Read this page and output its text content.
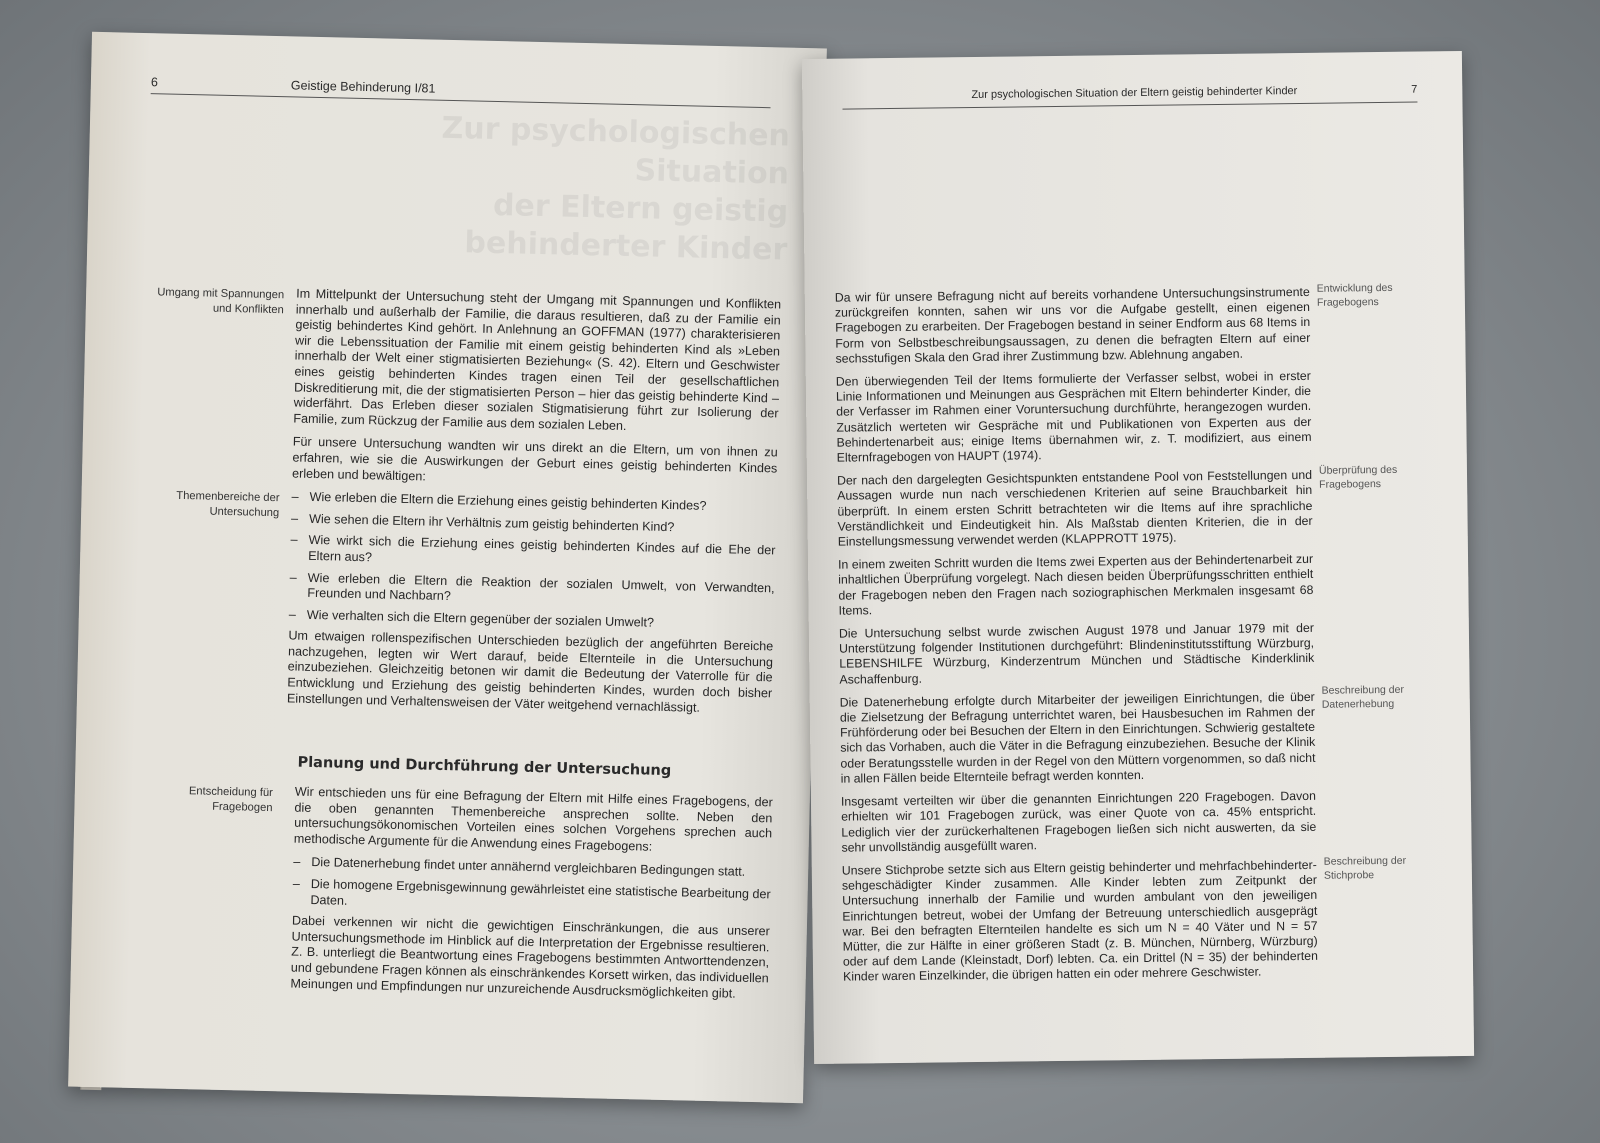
6	Geistige Behinderung I/81
Zur psychologischen Situation
der Eltern geistig behinderter Kinder
Umgang mit Spannungen und Konflikten
Themenbereiche der Untersuchung
Entscheidung für Fragebogen

Im Mittelpunkt der Untersuchung steht der Umgang mit Spannungen und Konflikten innerhalb und außerhalb der Familie, die daraus resultieren, daß zu der Familie ein geistig behindertes Kind gehört. In Anlehnung an GOFFMAN (1977) charakterisieren wir die Lebenssituation der Familie mit einem geistig behinderten Kind als »Leben innerhalb der Welt einer stigmatisierten Beziehung« (S. 42). Eltern und Geschwister eines geistig behinderten Kindes tragen einen Teil der gesellschaftlichen Diskreditierung mit, die der stigmatisierten Person – hier das geistig behinderte Kind – widerfährt. Das Erleben dieser sozialen Stigmatisierung führt zur Isolierung der Familie, zum Rückzug der Familie aus dem sozialen Leben.

Für unsere Untersuchung wandten wir uns direkt an die Eltern, um von ihnen zu erfahren, wie sie die Auswirkungen der Geburt eines geistig behinderten Kindes erleben und bewältigen:

– Wie erleben die Eltern die Erziehung eines geistig behinderten Kindes?
– Wie sehen die Eltern ihr Verhältnis zum geistig behinderten Kind?
– Wie wirkt sich die Erziehung eines geistig behinderten Kindes auf die Ehe der Eltern aus?
– Wie erleben die Eltern die Reaktion der sozialen Umwelt, von Verwandten, Freunden und Nachbarn?
– Wie verhalten sich die Eltern gegenüber der sozialen Umwelt?

Um etwaigen rollenspezifischen Unterschieden bezüglich der angeführten Bereiche nachzugehen, legten wir Wert darauf, beide Elternteile in die Untersuchung einzubeziehen. Gleichzeitig betonen wir damit die Bedeutung der Vaterrolle für die Entwicklung und Erziehung des geistig behinderten Kindes, wurden doch bisher Einstellungen und Verhaltensweisen der Väter weitgehend vernachlässigt.

Planung und Durchführung der Untersuchung

Wir entschieden uns für eine Befragung der Eltern mit Hilfe eines Fragebogens, der die oben genannten Themenbereiche ansprechen sollte. Neben den untersuchungsökonomischen Vorteilen eines solchen Vorgehens sprechen auch methodische Argumente für die Anwendung eines Fragebogens:

– Die Datenerhebung findet unter annähernd vergleichbaren Bedingungen statt.
– Die homogene Ergebnisgewinnung gewährleistet eine statistische Bearbeitung der Daten.

Dabei verkennen wir nicht die gewichtigen Einschränkungen, die aus unserer Untersuchungsmethode im Hinblick auf die Interpretation der Ergebnisse resultieren. Z. B. unterliegt die Beantwortung eines Fragebogens bestimmten Antworttendenzen, und gebundene Fragen können als einschränkendes Korsett wirken, das individuellen Meinungen und Empfindungen nur unzureichende Ausdrucksmöglichkeiten gibt.

Zur psychologischen Situation der Eltern geistig behinderter Kinder	7
Entwicklung des Fragebogens
Überprüfung des Fragebogens
Beschreibung der Datenerhebung
Beschreibung der Stichprobe

Da wir für unsere Befragung nicht auf bereits vorhandene Untersuchungsinstrumente zurückgreifen konnten, sahen wir uns vor die Aufgabe gestellt, einen eigenen Fragebogen zu erarbeiten. Der Fragebogen bestand in seiner Endform aus 68 Items in Form von Selbstbeschreibungsaussagen, zu denen die befragten Eltern auf einer sechsstufigen Skala den Grad ihrer Zustimmung bzw. Ablehnung angaben.

Den überwiegenden Teil der Items formulierte der Verfasser selbst, wobei in erster Linie Informationen und Meinungen aus Gesprächen mit Eltern behinderter Kinder, die der Verfasser im Rahmen einer Voruntersuchung durchführte, herangezogen wurden. Zusätzlich werteten wir Gespräche mit und Publikationen von Experten aus der Behindertenarbeit aus; einige Items übernahmen wir, z. T. modifiziert, aus einem Elternfragebogen von HAUPT (1974).

Der nach den dargelegten Gesichtspunkten entstandene Pool von Feststellungen und Aussagen wurde nun nach verschiedenen Kriterien auf seine Brauchbarkeit hin überprüft. In einem ersten Schritt betrachteten wir die Items auf ihre sprachliche Verständlichkeit und Eindeutigkeit hin. Als Maßstab dienten Kriterien, die in der Einstellungsmessung verwendet werden (KLAPPROTT 1975).

In einem zweiten Schritt wurden die Items zwei Experten aus der Behindertenarbeit zur inhaltlichen Überprüfung vorgelegt. Nach diesen beiden Überprüfungsschritten enthielt der Fragebogen neben den Fragen nach soziographischen Merkmalen insgesamt 68 Items.

Die Untersuchung selbst wurde zwischen August 1978 und Januar 1979 mit der Unterstützung folgender Institutionen durchgeführt: Blindeninstitutsstiftung Würzburg, LEBENSHILFE Würzburg, Kinderzentrum München und Städtische Kinderklinik Aschaffenburg.

Die Datenerhebung erfolgte durch Mitarbeiter der jeweiligen Einrichtungen, die über die Zielsetzung der Befragung unterrichtet waren, bei Hausbesuchen im Rahmen der Frühförderung oder bei Besuchen der Eltern in den Einrichtungen. Schwierig gestaltete sich das Vorhaben, auch die Väter in die Befragung einzubeziehen. Besuche der Klinik oder Beratungsstelle wurden in der Regel von den Müttern vorgenommen, so daß nicht in allen Fällen beide Elternteile befragt werden konnten.

Insgesamt verteilten wir über die genannten Einrichtungen 220 Fragebogen. Davon erhielten wir 101 Fragebogen zurück, was einer Quote von ca. 45% entspricht. Lediglich vier der zurückerhaltenen Fragebogen ließen sich nicht auswerten, da sie sehr unvollständig ausgefüllt waren.

Unsere Stichprobe setzte sich aus Eltern geistig behinderter und mehrfachbehinderter-sehgeschädigter Kinder zusammen. Alle Kinder lebten zum Zeitpunkt der Untersuchung innerhalb der Familie und wurden ambulant von den jeweiligen Einrichtungen betreut, wobei der Umfang der Betreuung unterschiedlich ausgeprägt war. Bei den befragten Elternteilen handelte es sich um N = 40 Väter und N = 57 Mütter, die zur Hälfte in einer größeren Stadt (z. B. München, Nürnberg, Würzburg) oder auf dem Lande (Kleinstadt, Dorf) lebten. Ca. ein Drittel (N = 35) der behinderten Kinder waren Einzelkinder, die übrigen hatten ein oder mehrere Geschwister.
